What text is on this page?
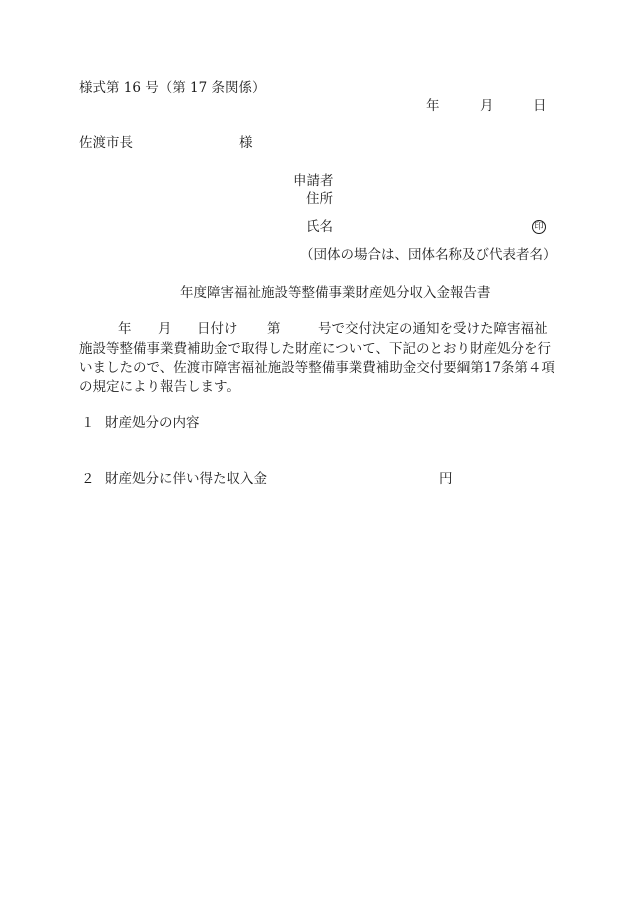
様式第 16 号（第 17 条関係）
年	月	日
佐渡市長	様
申請者
住所
氏名	印
（団体の場合は、団体名称及び代表者名）
年度障害福祉施設等整備事業財産処分収入金報告書
年 月 日付け 第	号で交付決定の通知を受けた障害福祉
施設等整備事業費補助金で取得した財産について、下記のとおり財産処分を行
いましたので、佐渡市障害福祉施設等整備事業費補助金交付要綱第17条第４項
の規定により報告します。
１ 財産処分の内容
２ 財産処分に伴い得た収入金	円
